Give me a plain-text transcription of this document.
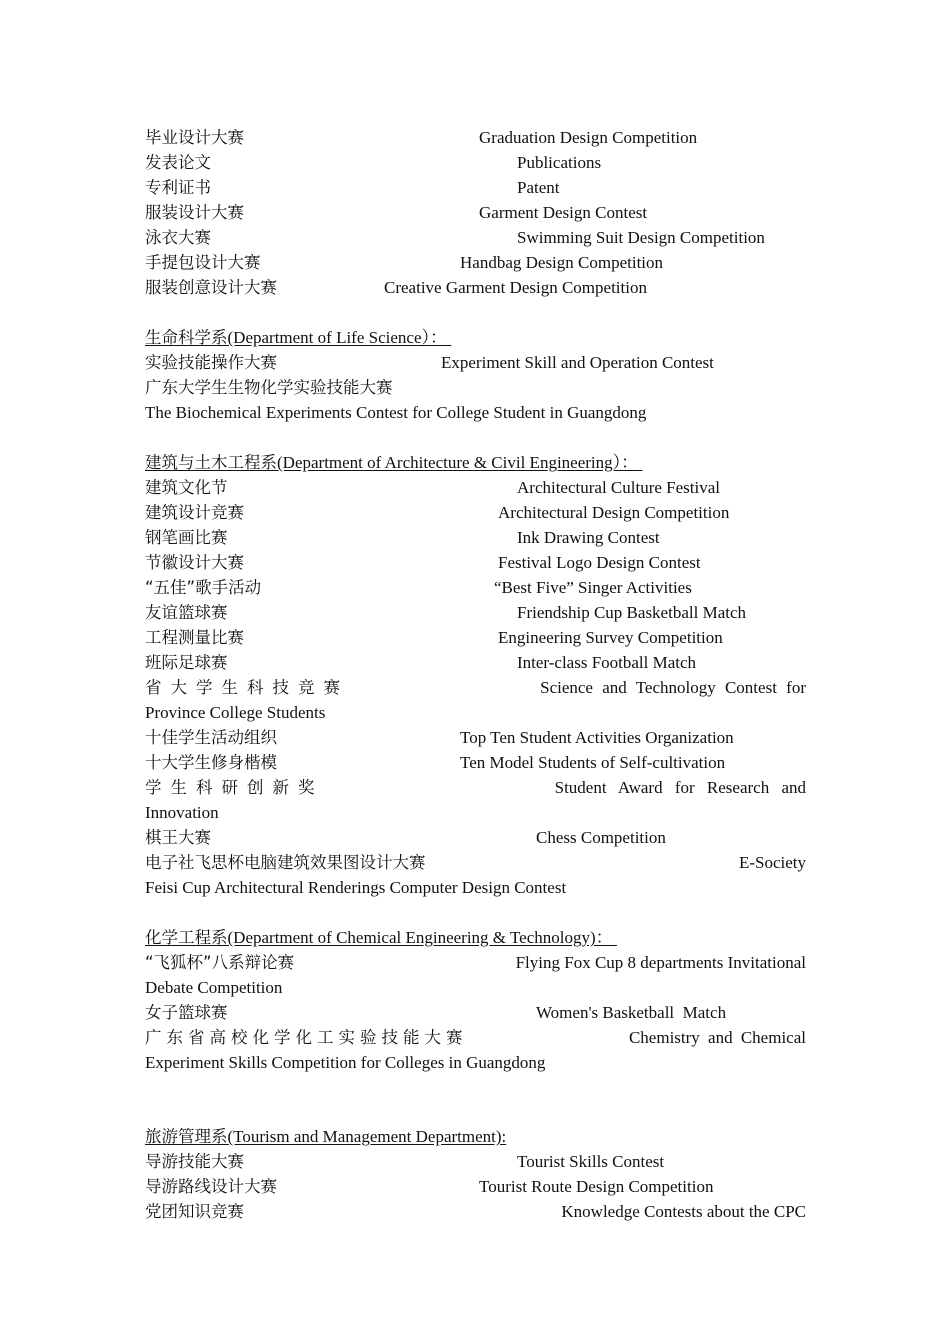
毕业设计大赛	Graduation Design Competition
发表论文	Publications
专利证书	Patent
服装设计大赛	Garment Design Contest
泳衣大赛	Swimming Suit Design Competition
手提包设计大赛	Handbag Design Competition
服装创意设计大赛	Creative Garment Design Competition
生命科学系(Department of Life Science）：
实验技能操作大赛	Experiment Skill and Operation Contest
广东大学生生物化学实验技能大赛
The Biochemical Experiments Contest for College Student in Guangdong
建筑与土木工程系(Department of Architecture & Civil Engineering）：
建筑文化节	Architectural Culture Festival
建筑设计竞赛	Architectural Design Competition
钢笔画比赛	Ink Drawing Contest
节徽设计大赛	Festival Logo Design Contest
“五佳”歌手活动	“Best Five” Singer Activities
友谊篮球赛	Friendship Cup Basketball Match
工程测量比赛	Engineering Survey Competition
班际足球赛	Inter-class Football Match
省大学生科技竞赛	Science and Technology Contest for
Province College Students
十佳学生活动组织	Top Ten Student Activities Organization
十大学生修身楷模	Ten Model Students of Self-cultivation
学生科研创新奖	Student Award for Research and
Innovation
棋王大赛	Chess Competition
电子社飞思杯电脑建筑效果图设计大赛	E-Society
Feisi Cup Architectural Renderings Computer Design Contest
化学工程系(Department of Chemical Engineering & Technology)：
“飞狐杯”八系辩论赛	Flying Fox Cup 8 departments Invitational
Debate Competition
女子篮球赛	Women's Basketball  Match
广东省高校化学化工实验技能大赛	Chemistry and Chemical
Experiment Skills Competition for Colleges in Guangdong
旅游管理系(Tourism and Management Department):
导游技能大赛	Tourist Skills Contest
导游路线设计大赛	Tourist Route Design Competition
党团知识竞赛	Knowledge Contests about the CPC
